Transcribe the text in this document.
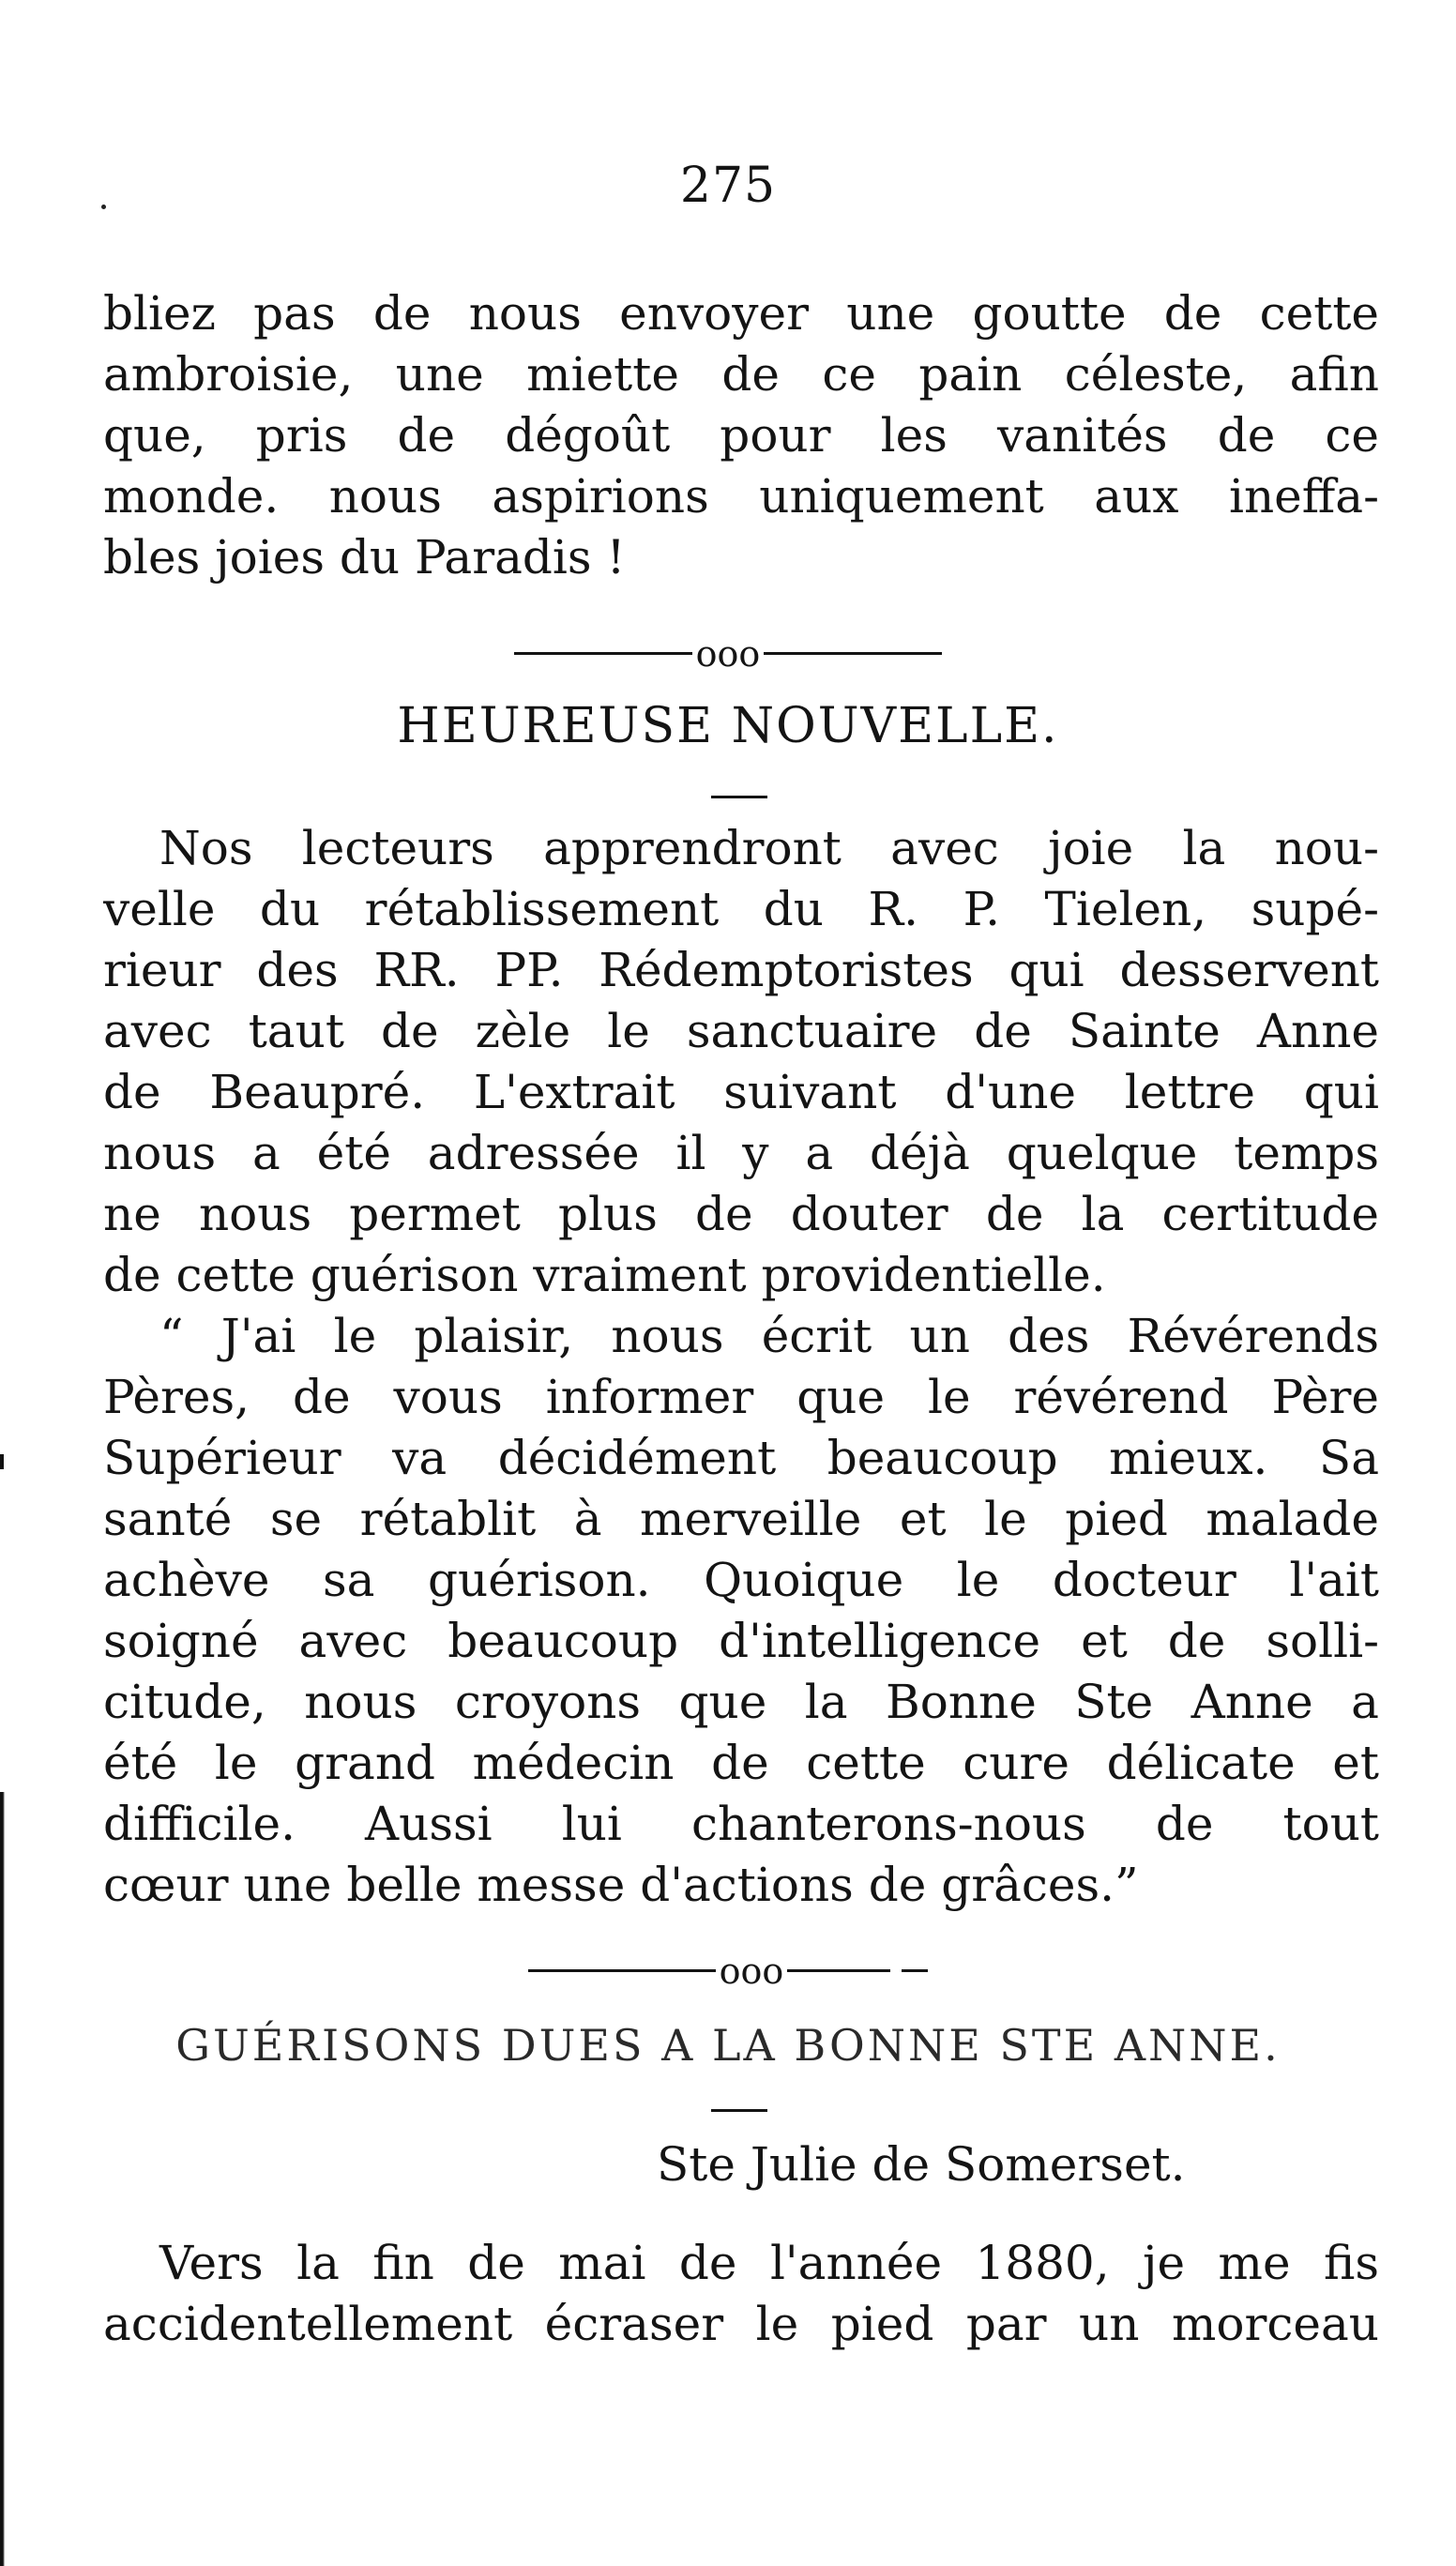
275
bliez pas de nous envoyer une goutte de cette
ambroisie, une miette de ce pain céleste, afin
que, pris de dégoût pour les vanités de ce
monde. nous aspirions uniquement aux ineffa-
bles joies du Paradis !
ooo
HEUREUSE NOUVELLE.
Nos lecteurs apprendront avec joie la nou-
velle du rétablissement du R. P. Tielen, supé-
rieur des RR. PP. Rédemptoristes qui desservent
avec taut de zèle le sanctuaire de Sainte Anne
de Beaupré. L'extrait suivant d'une lettre qui
nous a été adressée il y a déjà quelque temps
ne nous permet plus de douter de la certitude
de cette guérison vraiment providentielle.
“ J'ai le plaisir, nous écrit un des Révérends
Pères, de vous informer que le révérend Père
Supérieur va décidément beaucoup mieux. Sa
santé se rétablit à merveille et le pied malade
achève sa guérison. Quoique le docteur l'ait
soigné avec beaucoup d'intelligence et de solli-
citude, nous croyons que la Bonne Ste Anne a
été le grand médecin de cette cure délicate et
difficile. Aussi lui chanterons-nous de tout
cœur une belle messe d'actions de grâces.”
ooo
GUÉRISONS DUES A LA BONNE STE ANNE.
Ste Julie de Somerset.
Vers la fin de mai de l'année 1880, je me fis
accidentellement écraser le pied par un morceau
